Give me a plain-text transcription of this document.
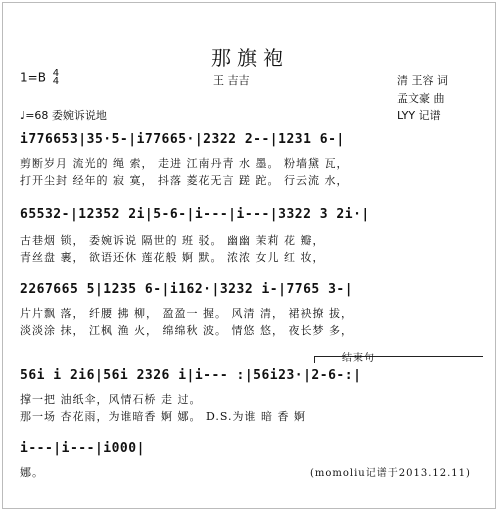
那旗袍
1=B 4
4	王 吉吉	清 王容 词
孟文豪 曲
LYY 记谱
♩=68 委婉诉说地
i776653|35·5-|i77665·|2322 2--|1231 6-|
剪断岁月 流光的 绳 索， 走进 江南丹青 水 墨。 粉墙黛 瓦，
打开尘封 经年的 寂 寞， 抖落 菱花无言 蹉 跎。 行云流 水，
65532-|12352 2i|5-6-|i---|i---|3322 3 2i·|
古巷烟 锁， 委婉诉说 隔世的 班 驳。 幽幽 茉莉 花 瓣，
青丝盘 裹， 欲语还休 莲花般 婀 默。 浓浓 女儿 红 妆，
2267665 5|1235 6-|i162·|3232 i-|7765 3-|
片片飘 落， 纤腰 拂 柳， 盈盈一 握。 风清 清， 裙袂撩 拔，
淡淡涂 抹， 江枫 渔 火， 绵绵秋 波。 情悠 悠， 夜长梦 多，
结束句
56i i 2i6|56i 2326 i|i--- :|56i23·|2-6-:|
撑一把 油纸伞，风情石桥 走 过。
那一场 杏花雨，为谁暗香 婀 娜。 D.S.为谁 暗 香 婀
i---|i---|i000|
娜。	(momoliu记谱于2013.12.11)
